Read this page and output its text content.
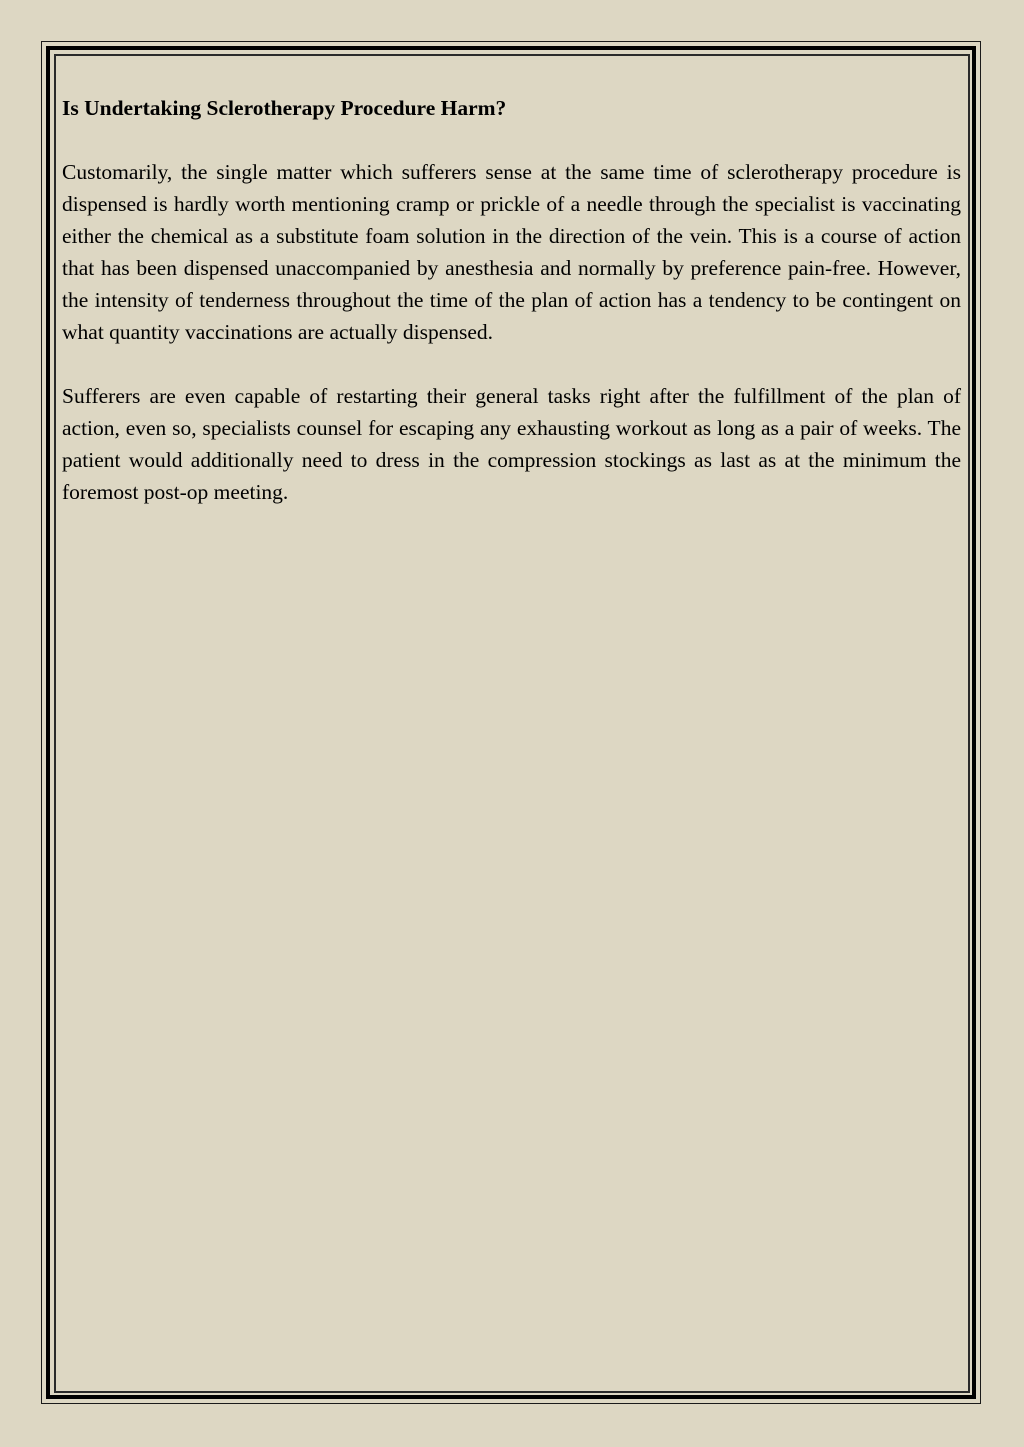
Is Undertaking Sclerotherapy Procedure Harm?

Customarily, the single matter which sufferers sense at the same time of sclerotherapy procedure is dispensed is hardly worth mentioning cramp or prickle of a needle through the specialist is vaccinating either the chemical as a substitute foam solution in the direction of the vein. This is a course of action that has been dispensed unaccompanied by anesthesia and normally by preference pain-free. However, the intensity of tenderness throughout the time of the plan of action has a tendency to be contingent on what quantity vaccinations are actually dispensed.

Sufferers are even capable of restarting their general tasks right after the fulfillment of the plan of action, even so, specialists counsel for escaping any exhausting workout as long as a pair of weeks. The patient would additionally need to dress in the compression stockings as last as at the minimum the foremost post-op meeting.
